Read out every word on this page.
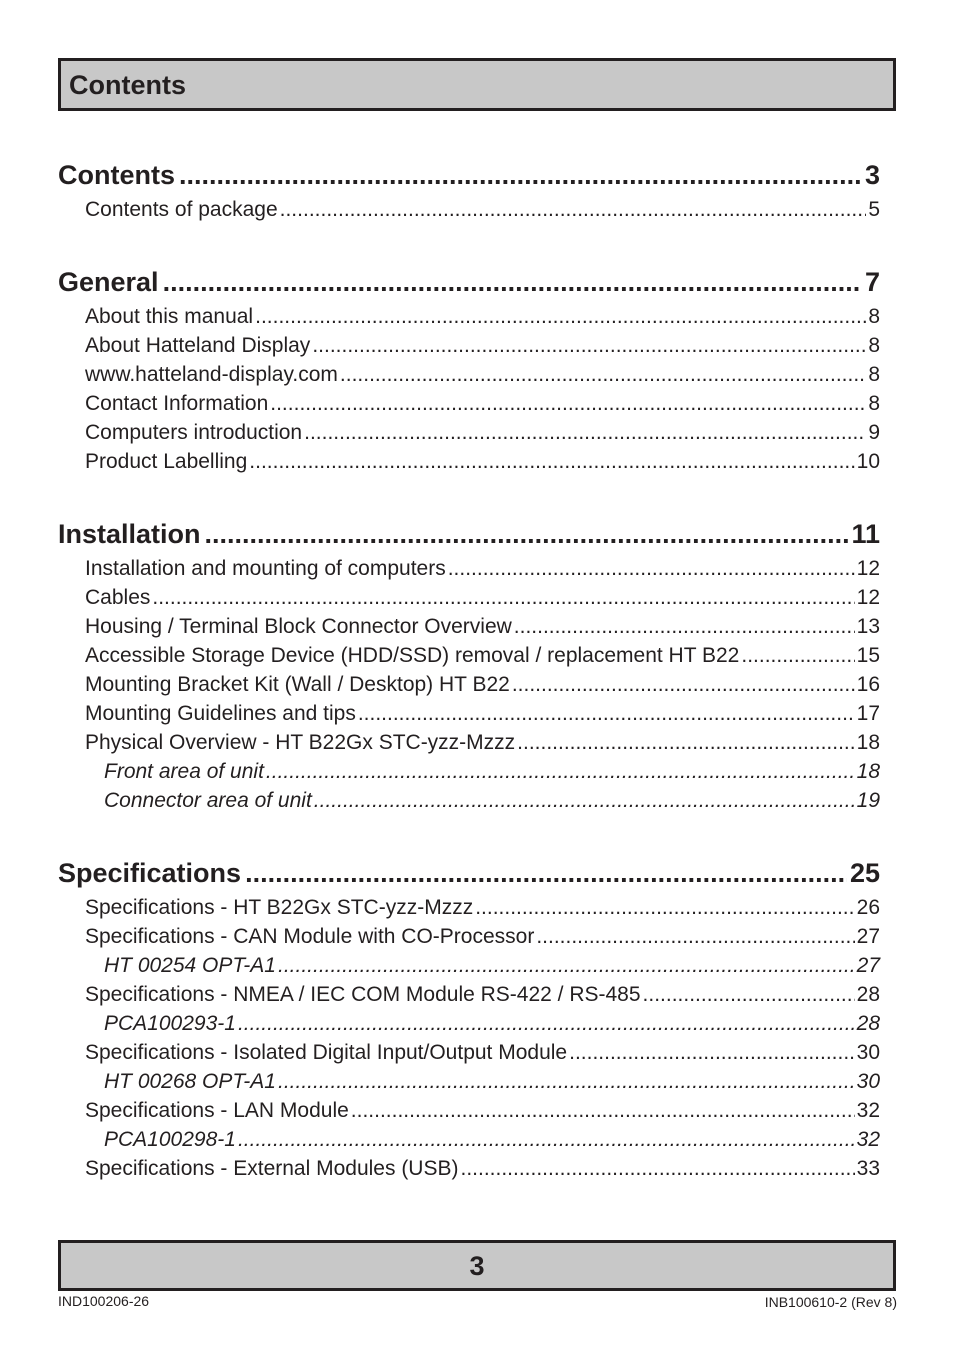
Contents
Contents .....	3
Contents of package .....	5
General .....	7
About this manual .....	8
About Hatteland Display .....	8
www.hatteland-display.com .....	8
Contact Information .....	8
Computers introduction .....	9
Product Labelling .....	10
Installation .....	11
Installation and mounting of computers .....	12
Cables .....	12
Housing / Terminal Block Connector Overview .....	13
Accessible Storage Device (HDD/SSD) removal / replacement HT B22 .....	15
Mounting Bracket Kit (Wall / Desktop) HT B22 .....	16
Mounting Guidelines and tips .....	17
Physical Overview - HT B22Gx STC-yzz-Mzzz .....	18
Front area of unit .....	18
Connector area of unit .....	19
Specifications .....	25
Specifications - HT B22Gx STC-yzz-Mzzz .....	26
Specifications - CAN Module with CO-Processor .....	27
HT 00254 OPT-A1 .....	27
Specifications - NMEA / IEC COM Module RS-422 / RS-485 .....	28
PCA100293-1 .....	28
Specifications - Isolated Digital Input/Output Module .....	30
HT 00268 OPT-A1 .....	30
Specifications - LAN Module .....	32
PCA100298-1 .....	32
Specifications - External Modules (USB) .....	33
3
IND100206-26	INB100610-2 (Rev 8)
